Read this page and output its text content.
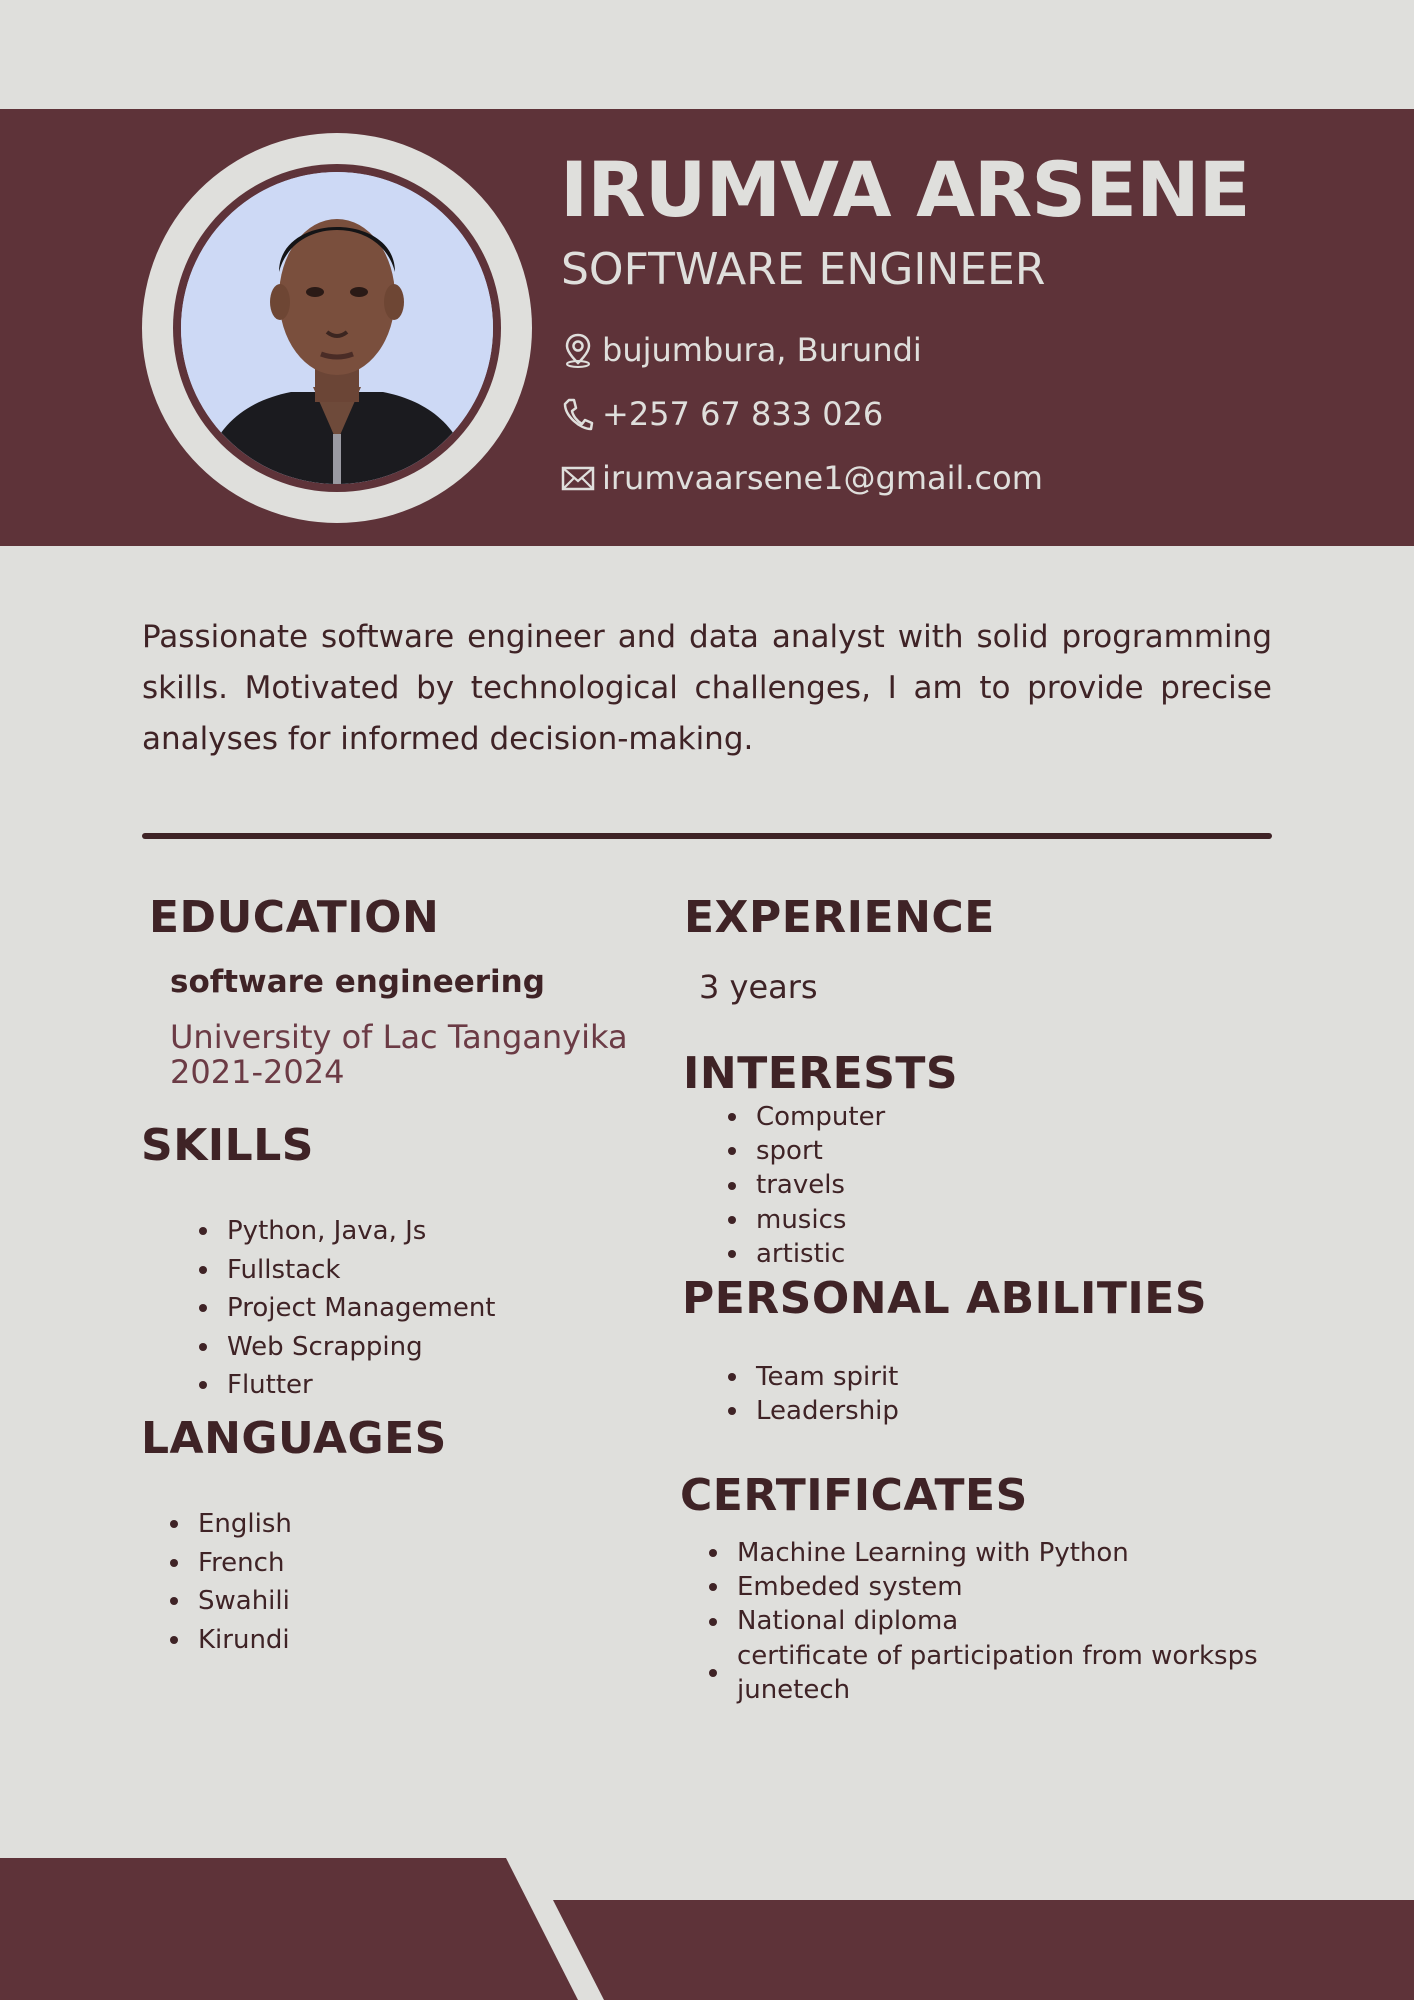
IRUMVA ARSENE
SOFTWARE ENGINEER
bujumbura, Burundi
+257 67 833 026
irumvaarsene1@gmail.com
Passionate software engineer and data analyst with solid programming skills. Motivated by technological challenges, I am to provide precise analyses for informed decision-making.
EDUCATION
software engineering
University of Lac Tanganyika
2021-2024
EXPERIENCE
3 years
INTERESTS
Computer
sport
travels
musics
artistic
SKILLS
Python, Java, Js
Fullstack
Project Management
Web Scrapping
Flutter
PERSONAL ABILITIES
Team spirit
Leadership
LANGUAGES
English
French
Swahili
Kirundi
CERTIFICATES
Machine Learning with Python
Embeded system
National diploma
certificate of participation from worksps junetech
